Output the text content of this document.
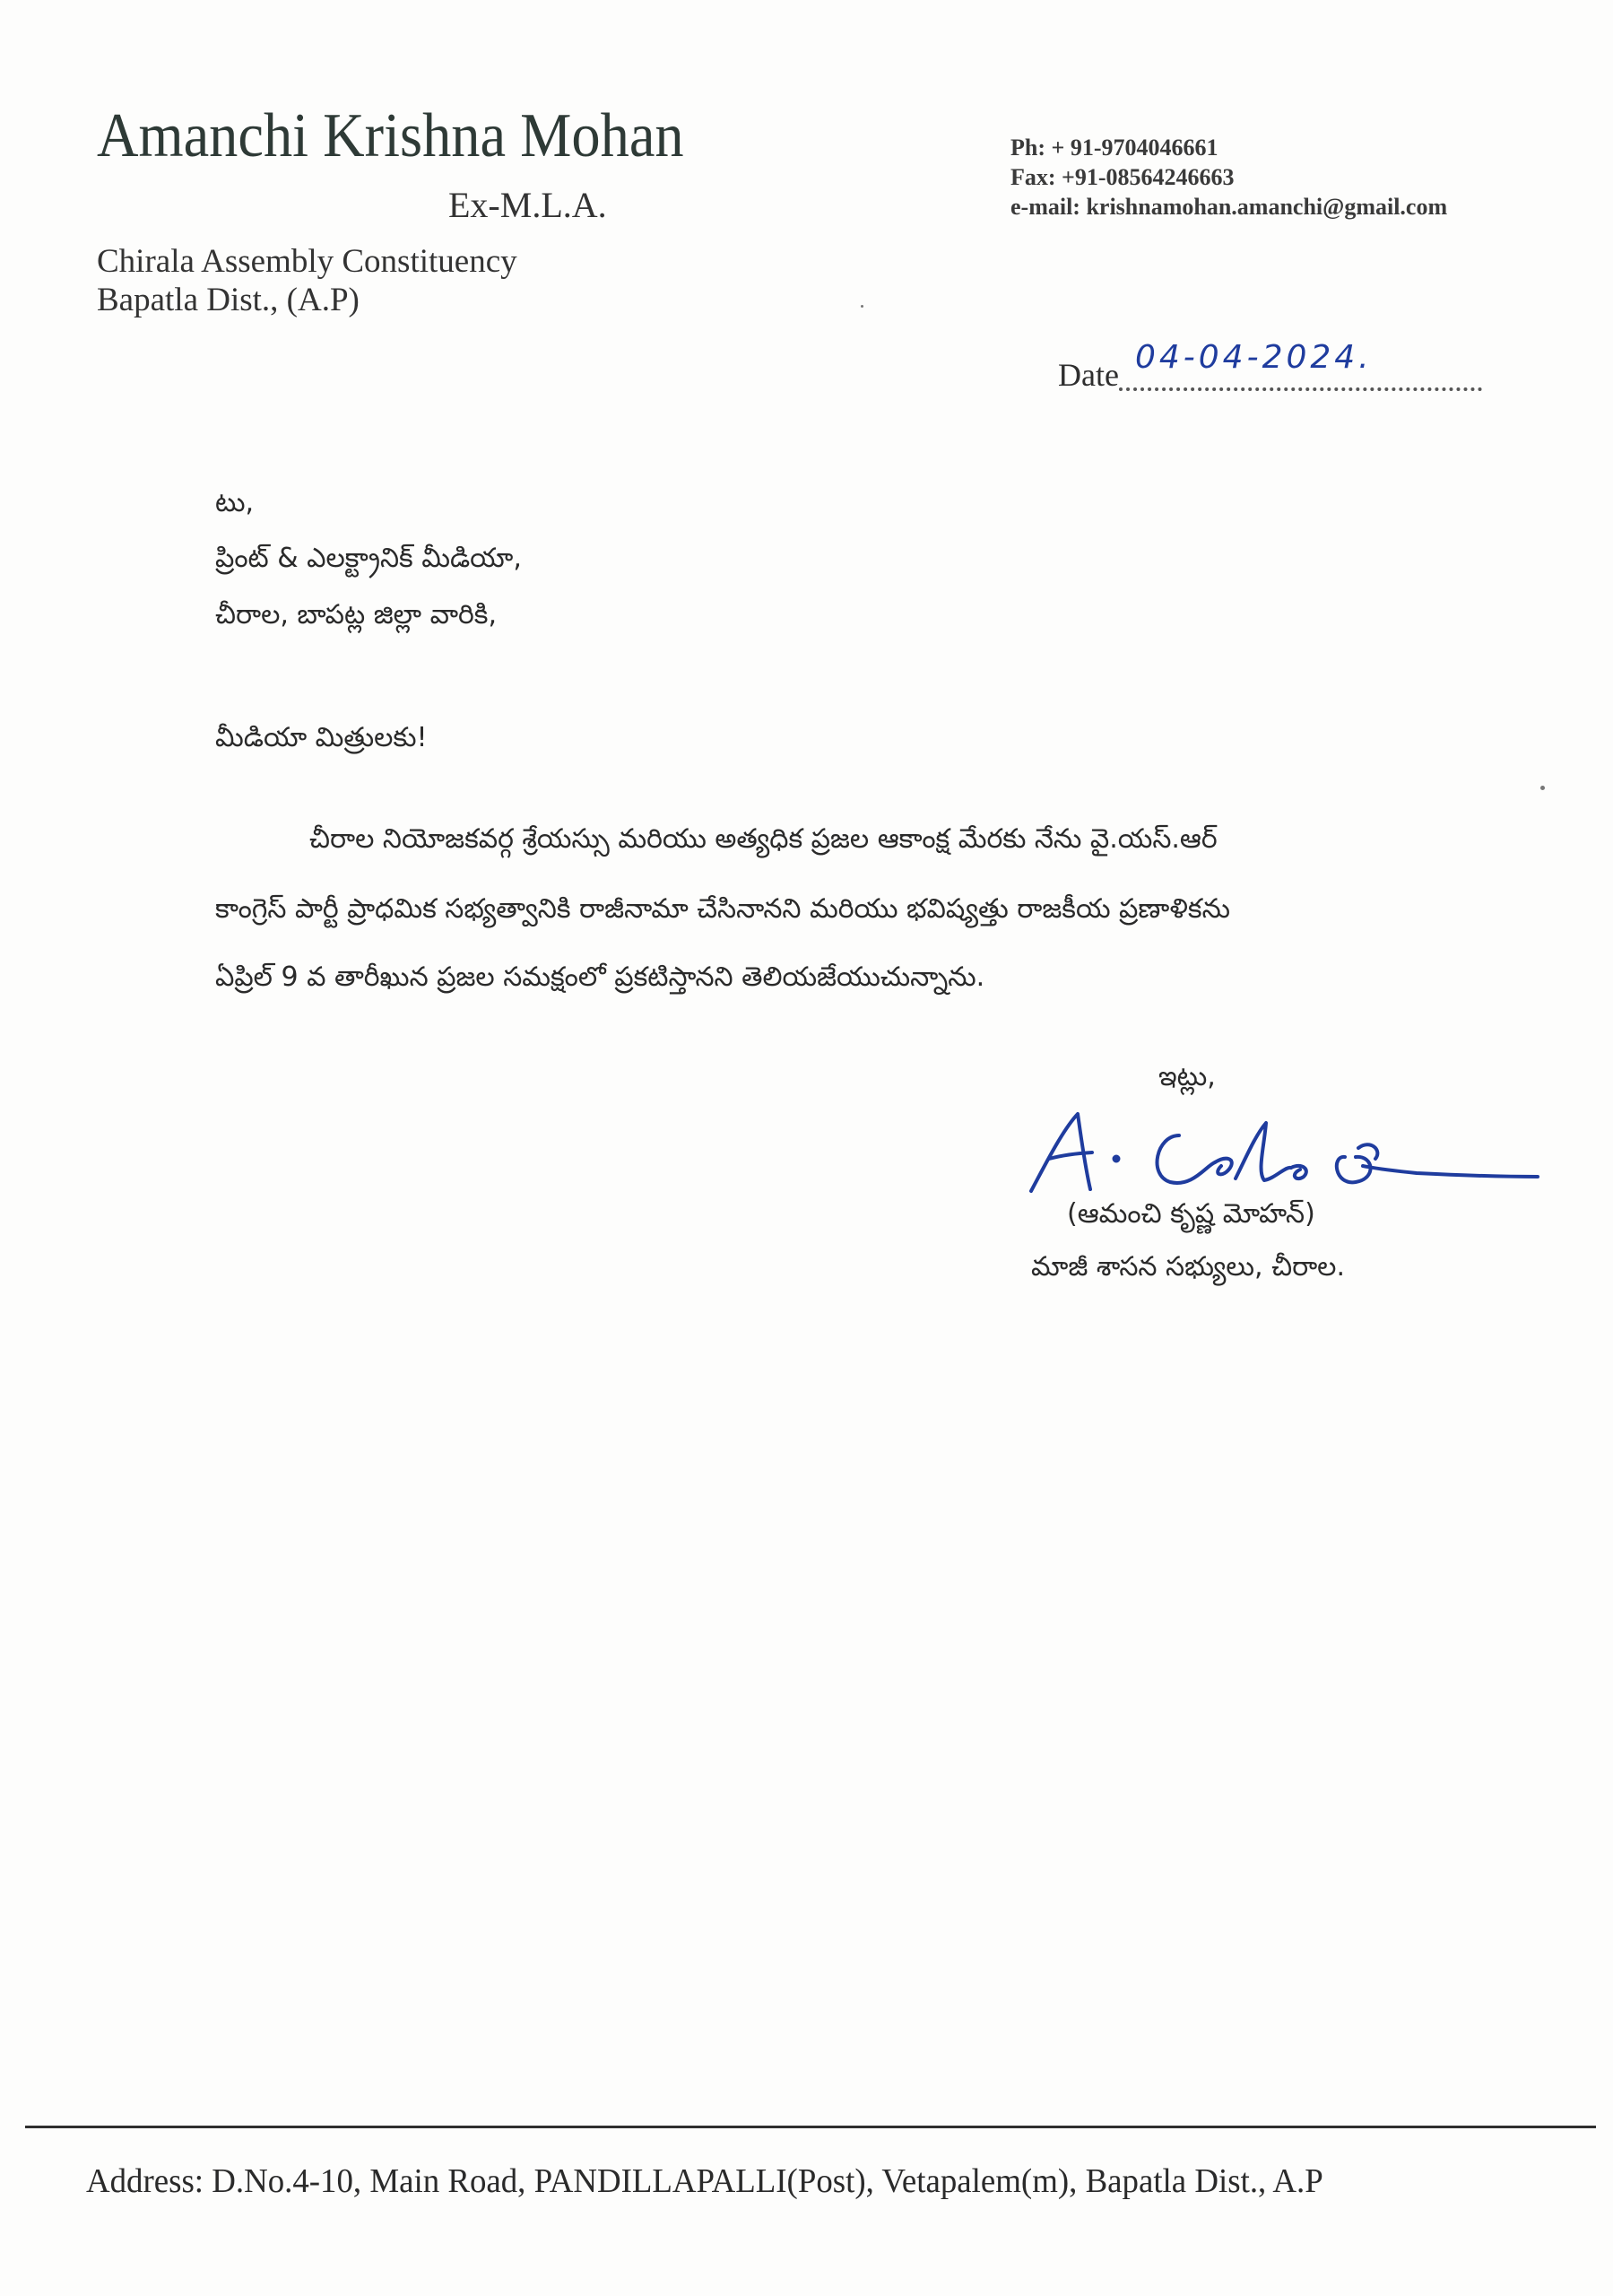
Amanchi Krishna Mohan
Ex-M.L.A.
Chirala Assembly Constituency
Bapatla Dist., (A.P)
Ph: + 91-9704046661
Fax: +91-08564246663
e-mail: krishnamohan.amanchi@gmail.com
Date 04-04-2024.
టు,
ప్రింట్ & ఎలక్ట్రానిక్ మీడియా,
చీరాల, బాపట్ల జిల్లా వారికి,
మీడియా మిత్రులకు!
చీరాల నియోజకవర్గ శ్రేయస్సు మరియు అత్యధిక ప్రజల ఆకాంక్ష మేరకు నేను వై.యస్.ఆర్
కాంగ్రెస్ పార్టీ ప్రాధమిక సభ్యత్వానికి రాజీనామా చేసినానని మరియు భవిష్యత్తు రాజకీయ ప్రణాళికను
ఏప్రిల్ 9 వ తారీఖున ప్రజల సమక్షంలో ప్రకటిస్తానని తెలియజేయుచున్నాను.
ఇట్లు,
(ఆమంచి కృష్ణ మోహన్)
మాజీ శాసన సభ్యులు, చీరాల.
Address: D.No.4-10, Main Road, PANDILLAPALLI(Post), Vetapalem(m), Bapatla Dist., A.P
